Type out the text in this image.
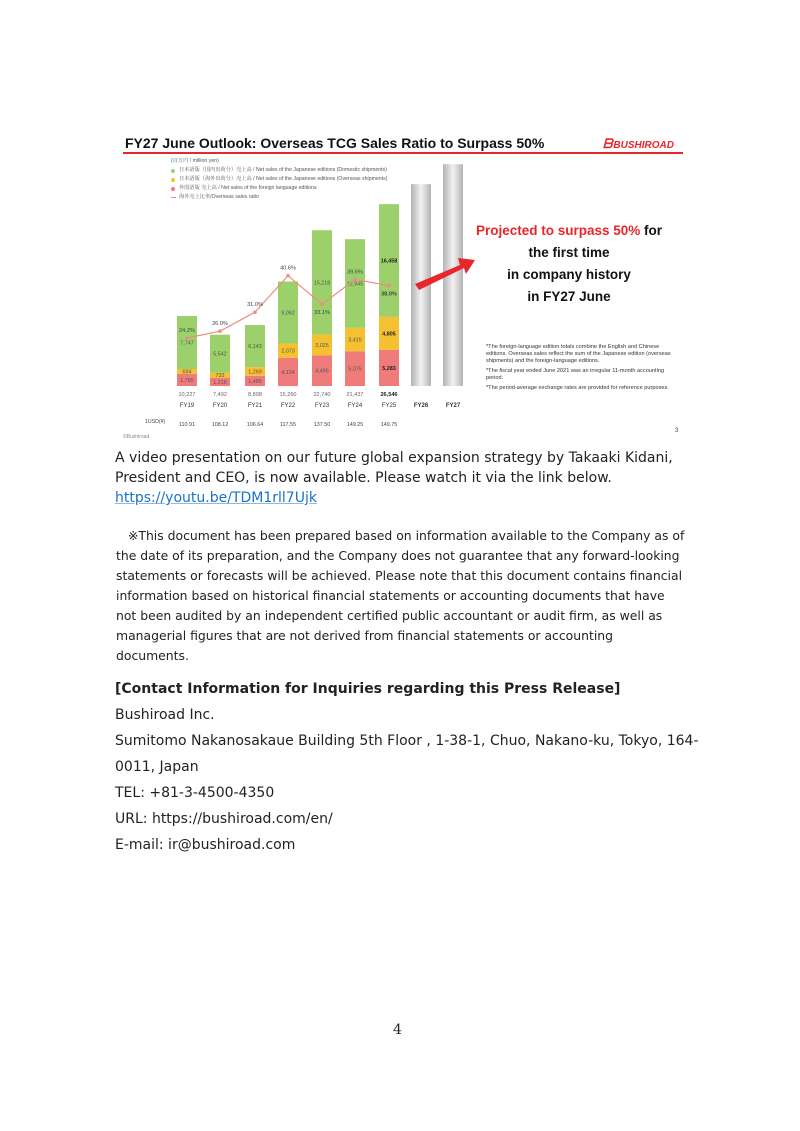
FY27 June Outlook: Overseas TCG Sales Ratio to Surpass 50%	ᗷBUSHIROAD
(百万円 / million yen)
日本語版（国内出荷分）売上高 / Net sales of the Japanese editions (Domestic shipments)
日本語版（海外出荷分）売上高 / Net sales of the Japanese editions (Overseas shipments)
外国語版 売上高 / Net sales of the foreign language editions
海外売上比率/Overseas sales ratio
1,785
694
7,747
1,218
733
5,542
1,485
1,269
6,143
4,124
2,073
9,062
4,496
3,025
15,218
5,075
3,415
12,945
5,283
4,805
16,458
24.2%
26.0%
31.0%
40.6%
33.1%
39.6%
38.0%
10,227
FY19
110.91
7,492
FY20
108.12
8,898
FY21
106.64
15,260
FY22
117.55
22,740
FY23
137.50
21,437
FY24
149.25
26,546
FY25
149.75
FY26	FY27
1USD(¥)
Projected to surpass 50% for
the first time
in company history
in FY27 June

*The foreign-language edition totals combine the English and Chinese editions. Overseas sales reflect the sum of the Japanese edition (overseas shipments) and the foreign-language editions.

*The fiscal year ended June 2021 was an irregular 11-month accounting period.

*The period-average exchange rates are provided for reference purposes.

3
©Bushiroad
A video presentation on our future global expansion strategy by Takaaki Kidani, President and CEO, is now available. Please watch it via the link below.
https://youtu.be/TDM1rll7Ujk
※This document has been prepared based on information available to the Company as of the date of its preparation, and the Company does not guarantee that any forward-looking statements or forecasts will be achieved. Please note that this document contains financial information based on historical financial statements or accounting documents that have not been audited by an independent certified public accountant or audit firm, as well as managerial figures that are not derived from financial statements or accounting documents.
[Contact Information for Inquiries regarding this Press Release]
Bushiroad Inc.
Sumitomo Nakanosakaue Building 5th Floor , 1-38-1, Chuo, Nakano-ku, Tokyo, 164-0011, Japan
TEL: +81-3-4500-4350
URL: https://bushiroad.com/en/
E-mail: ir@bushiroad.com
4
